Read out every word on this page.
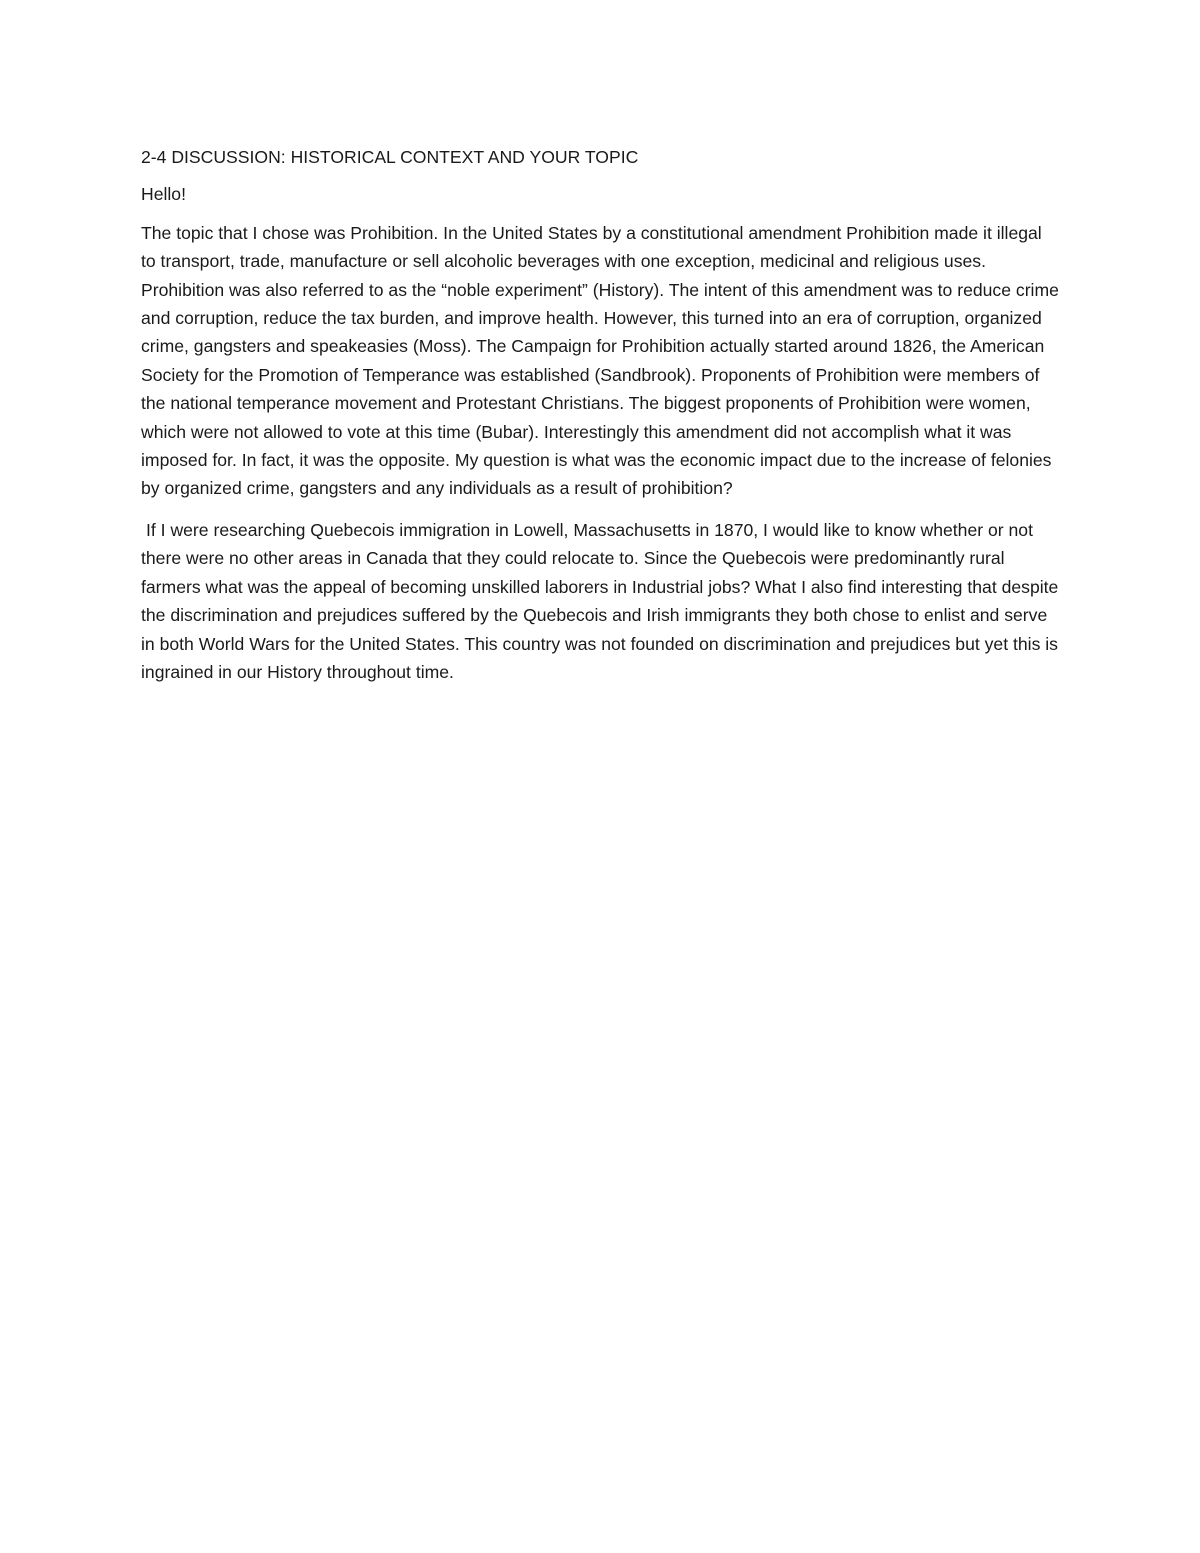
2-4 DISCUSSION: HISTORICAL CONTEXT AND YOUR TOPIC

Hello!

The topic that I chose was Prohibition. In the United States by a constitutional amendment Prohibition made it illegal to transport, trade, manufacture or sell alcoholic beverages with one exception, medicinal and religious uses. Prohibition was also referred to as the “noble experiment” (History). The intent of this amendment was to reduce crime and corruption, reduce the tax burden, and improve health. However, this turned into an era of corruption, organized crime, gangsters and speakeasies (Moss). The Campaign for Prohibition actually started around 1826, the American Society for the Promotion of Temperance was established (Sandbrook). Proponents of Prohibition were members of the national temperance movement and Protestant Christians. The biggest proponents of Prohibition were women, which were not allowed to vote at this time (Bubar). Interestingly this amendment did not accomplish what it was imposed for. In fact, it was the opposite. My question is what was the economic impact due to the increase of felonies by organized crime, gangsters and any individuals as a result of prohibition?

If I were researching Quebecois immigration in Lowell, Massachusetts in 1870, I would like to know whether or not there were no other areas in Canada that they could relocate to. Since the Quebecois were predominantly rural farmers what was the appeal of becoming unskilled laborers in Industrial jobs? What I also find interesting that despite the discrimination and prejudices suffered by the Quebecois and Irish immigrants they both chose to enlist and serve in both World Wars for the United States. This country was not founded on discrimination and prejudices but yet this is ingrained in our History throughout time.
